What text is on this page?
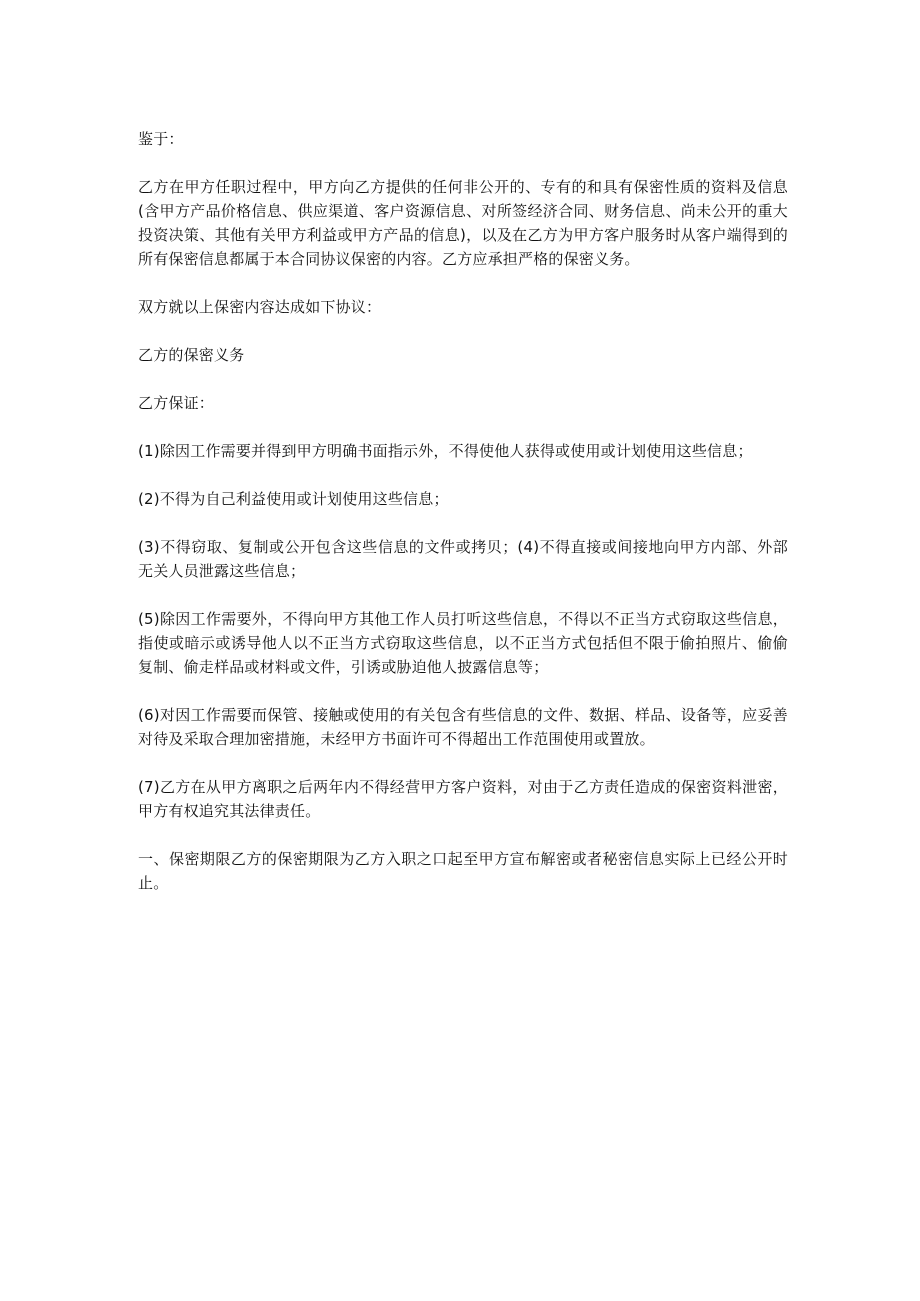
鉴于：

乙方在甲方任职过程中，甲方向乙方提供的任何非公开的、专有的和具有保密性质的资料及信息(含甲方产品价格信息、供应渠道、客户资源信息、对所签经济合同、财务信息、尚未公开的重大投资决策、其他有关甲方利益或甲方产品的信息)，以及在乙方为甲方客户服务时从客户端得到的所有保密信息都属于本合同协议保密的内容。乙方应承担严格的保密义务。

双方就以上保密内容达成如下协议：

乙方的保密义务

乙方保证：

(1)除因工作需要并得到甲方明确书面指示外，不得使他人获得或使用或计划使用这些信息；

(2)不得为自己利益使用或计划使用这些信息；

(3)不得窃取、复制或公开包含这些信息的文件或拷贝；(4)不得直接或间接地向甲方内部、外部无关人员泄露这些信息；

(5)除因工作需要外，不得向甲方其他工作人员打听这些信息，不得以不正当方式窃取这些信息，指使或暗示或诱导他人以不正当方式窃取这些信息，以不正当方式包括但不限于偷拍照片、偷偷复制、偷走样品或材料或文件，引诱或胁迫他人披露信息等；

(6)对因工作需要而保管、接触或使用的有关包含有些信息的文件、数据、样品、设备等，应妥善对待及采取合理加密措施，未经甲方书面许可不得超出工作范围使用或置放。

(7)乙方在从甲方离职之后两年内不得经营甲方客户资料，对由于乙方责任造成的保密资料泄密，甲方有权追究其法律责任。

一、保密期限乙方的保密期限为乙方入职之口起至甲方宣布解密或者秘密信息实际上已经公开时止。
